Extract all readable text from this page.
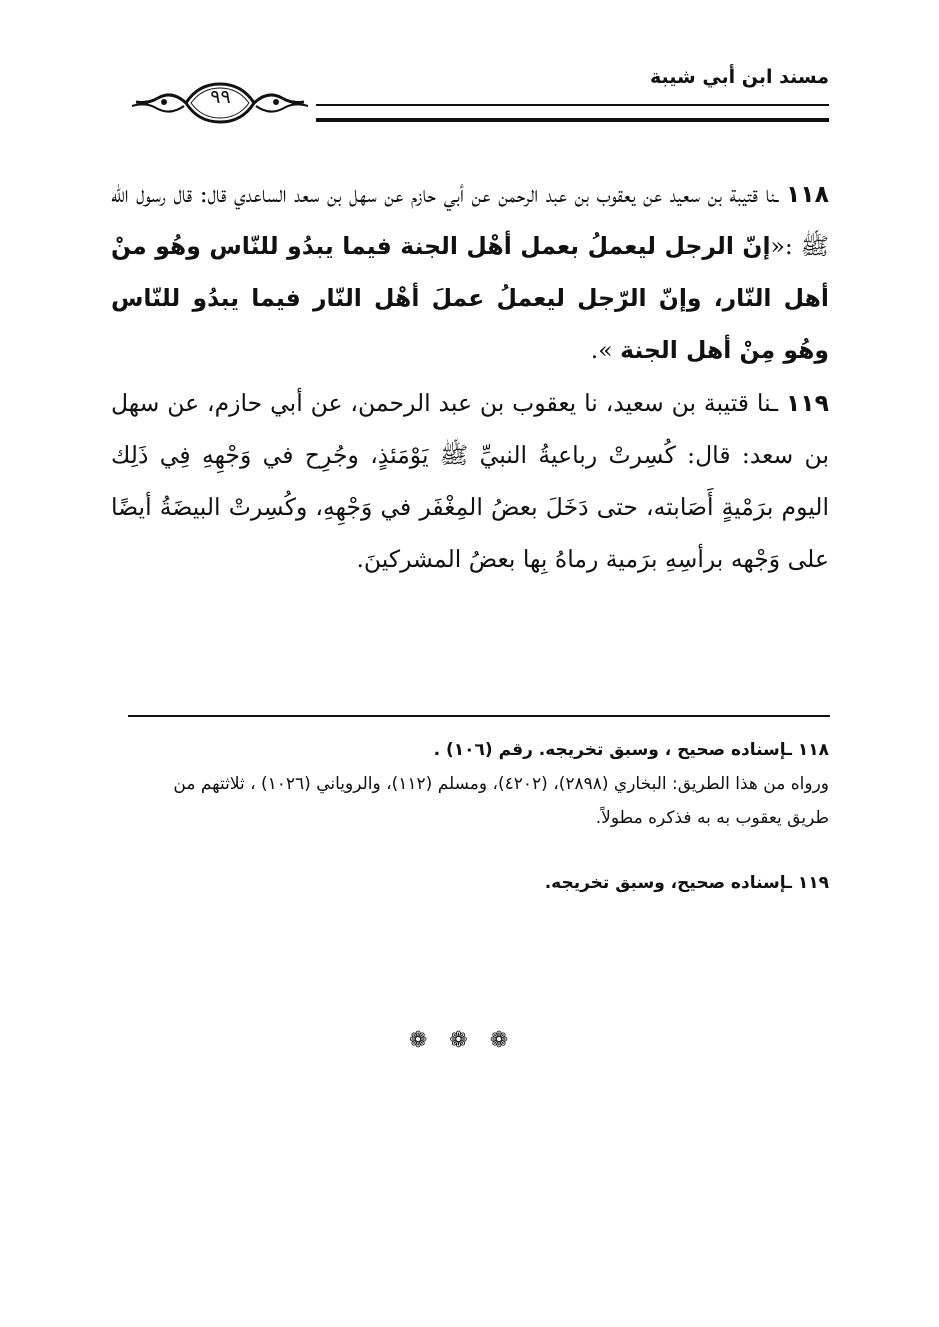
مسند ابن أبي شيبة
٩٩
١١٨ ـنا قتيبة بن سعيد عن يعقوب بن عبد الرحمن عن أبي حازم عن سهل بن سعد الساعدي قال: قال رسول الله ﷺ :«إنّ الرجل ليعملُ بعمل أهْل الجنة فيما يبدُو للنّاس وهُو منْ أهل النّار، وإنّ الرّجل ليعملُ عملَ أهْل النّار فيما يبدُو للنّاس وهُو مِنْ أهل الجنة ».
١١٩ ـنا قتيبة بن سعيد، نا يعقوب بن عبد الرحمن، عن أبي حازم، عن سهل بن سعد: قال: كُسِرتْ رباعيةُ النبيِّ ﷺ يَوْمَئذٍ، وجُرِح في وَجْهِهِ فِي ذَلِك اليوم برَمْيةٍ أَصَابته، حتى دَخَلَ بعضُ المِغْفَر في وَجْهِهِ، وكُسِرتْ البيضَةُ أيضًا على وَجْهه برأسِهِ برَمية رماهُ بِها بعضُ المشركينَ.
١١٨ ـإسناده صحيح ، وسبق تخريجه. رقم (١٠٦) .
ورواه من هذا الطريق: البخاري (٢٨٩٨)، (٤٢٠٢)، ومسلم (١١٢)، والروياني (١٠٢٦) ، ثلاثتهم من طريق يعقوب به به فذكره مطولاً.
١١٩ ـإسناده صحيح، وسبق تخريجه.
❁❁❁
